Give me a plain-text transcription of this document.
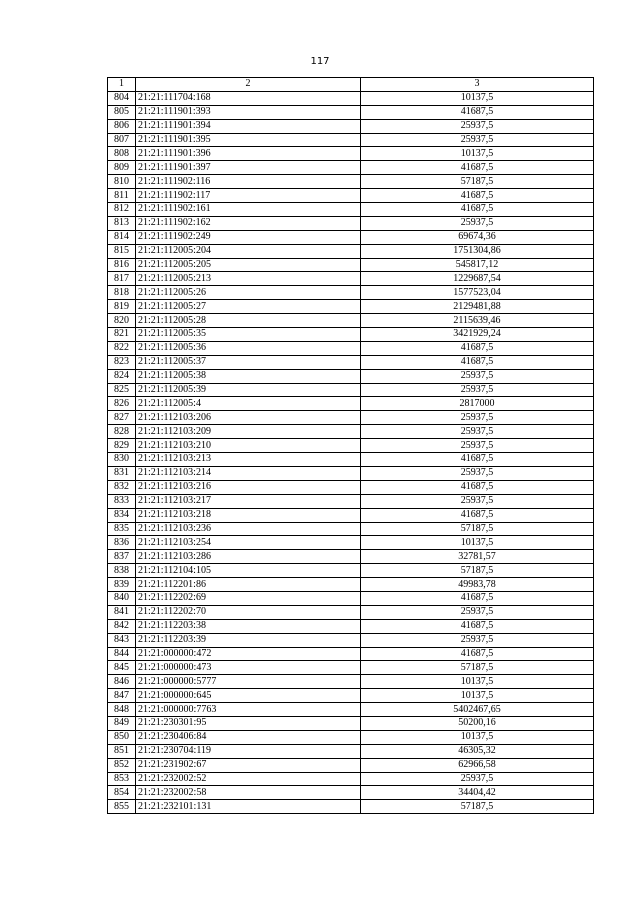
117
1	2	3
804	21:21:111704:168	10137,5
805	21:21:111901:393	41687,5
806	21:21:111901:394	25937,5
807	21:21:111901:395	25937,5
808	21:21:111901:396	10137,5
809	21:21:111901:397	41687,5
810	21:21:111902:116	57187,5
811	21:21:111902:117	41687,5
812	21:21:111902:161	41687,5
813	21:21:111902:162	25937,5
814	21:21:111902:249	69674,36
815	21:21:112005:204	1751304,86
816	21:21:112005:205	545817,12
817	21:21:112005:213	1229687,54
818	21:21:112005:26	1577523,04
819	21:21:112005:27	2129481,88
820	21:21:112005:28	2115639,46
821	21:21:112005:35	3421929,24
822	21:21:112005:36	41687,5
823	21:21:112005:37	41687,5
824	21:21:112005:38	25937,5
825	21:21:112005:39	25937,5
826	21:21:112005:4	2817000
827	21:21:112103:206	25937,5
828	21:21:112103:209	25937,5
829	21:21:112103:210	25937,5
830	21:21:112103:213	41687,5
831	21:21:112103:214	25937,5
832	21:21:112103:216	41687,5
833	21:21:112103:217	25937,5
834	21:21:112103:218	41687,5
835	21:21:112103:236	57187,5
836	21:21:112103:254	10137,5
837	21:21:112103:286	32781,57
838	21:21:112104:105	57187,5
839	21:21:112201:86	49983,78
840	21:21:112202:69	41687,5
841	21:21:112202:70	25937,5
842	21:21:112203:38	41687,5
843	21:21:112203:39	25937,5
844	21:21:000000:472	41687,5
845	21:21:000000:473	57187,5
846	21:21:000000:5777	10137,5
847	21:21:000000:645	10137,5
848	21:21:000000:7763	5402467,65
849	21:21:230301:95	50200,16
850	21:21:230406:84	10137,5
851	21:21:230704:119	46305,32
852	21:21:231902:67	62966,58
853	21:21:232002:52	25937,5
854	21:21:232002:58	34404,42
855	21:21:232101:131	57187,5
